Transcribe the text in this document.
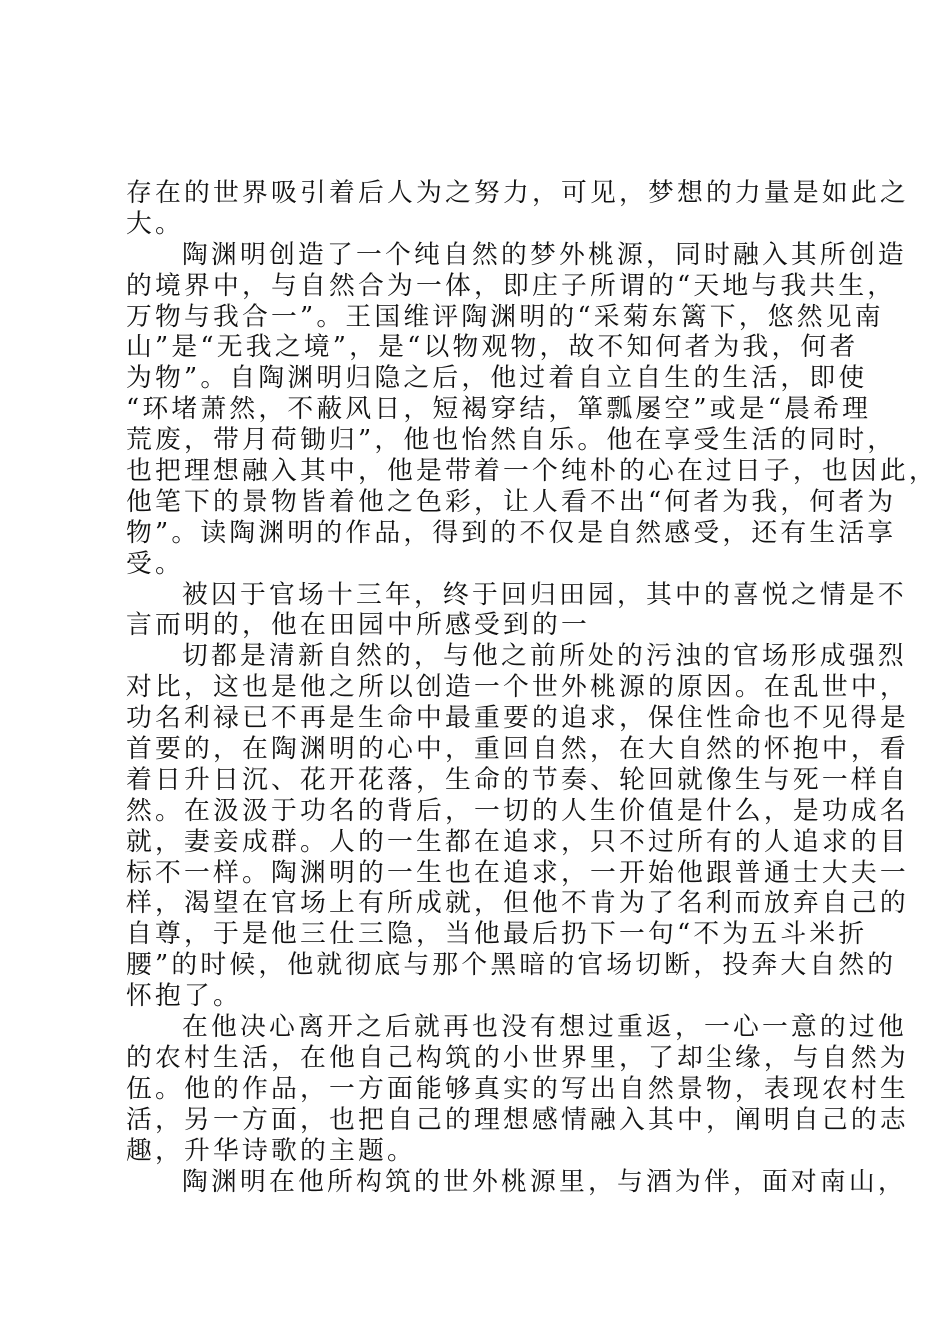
存在的世界吸引着后人为之努力，可见，梦想的力量是如此之
大。
陶渊明创造了一个纯自然的梦外桃源，同时融入其所创造
的境界中，与自然合为一体，即庄子所谓的“天地与我共生，
万物与我合一”。王国维评陶渊明的“采菊东篱下，悠然见南
山”是“无我之境”，是“以物观物，故不知何者为我，何者
为物”。自陶渊明归隐之后，他过着自立自生的生活，即使
“环堵萧然，不蔽风日，短褐穿结，箪瓢屡空”或是“晨希理
荒废，带月荷锄归”，他也怡然自乐。他在享受生活的同时，
也把理想融入其中，他是带着一个纯朴的心在过日子，也因此，
他笔下的景物皆着他之色彩，让人看不出“何者为我，何者为
物”。读陶渊明的作品，得到的不仅是自然感受，还有生活享
受。
被囚于官场十三年，终于回归田园，其中的喜悦之情是不
言而明的，他在田园中所感受到的一
切都是清新自然的，与他之前所处的污浊的官场形成强烈
对比，这也是他之所以创造一个世外桃源的原因。在乱世中，
功名利禄已不再是生命中最重要的追求，保住性命也不见得是
首要的，在陶渊明的心中，重回自然，在大自然的怀抱中，看
着日升日沉、花开花落，生命的节奏、轮回就像生与死一样自
然。在汲汲于功名的背后，一切的人生价值是什么，是功成名
就，妻妾成群。人的一生都在追求，只不过所有的人追求的目
标不一样。陶渊明的一生也在追求，一开始他跟普通士大夫一
样，渴望在官场上有所成就，但他不肯为了名利而放弃自己的
自尊，于是他三仕三隐，当他最后扔下一句“不为五斗米折
腰”的时候，他就彻底与那个黑暗的官场切断，投奔大自然的
怀抱了。
在他决心离开之后就再也没有想过重返，一心一意的过他
的农村生活，在他自己构筑的小世界里，了却尘缘，与自然为
伍。他的作品，一方面能够真实的写出自然景物，表现农村生
活，另一方面，也把自己的理想感情融入其中，阐明自己的志
趣，升华诗歌的主题。
陶渊明在他所构筑的世外桃源里，与酒为伴，面对南山，
